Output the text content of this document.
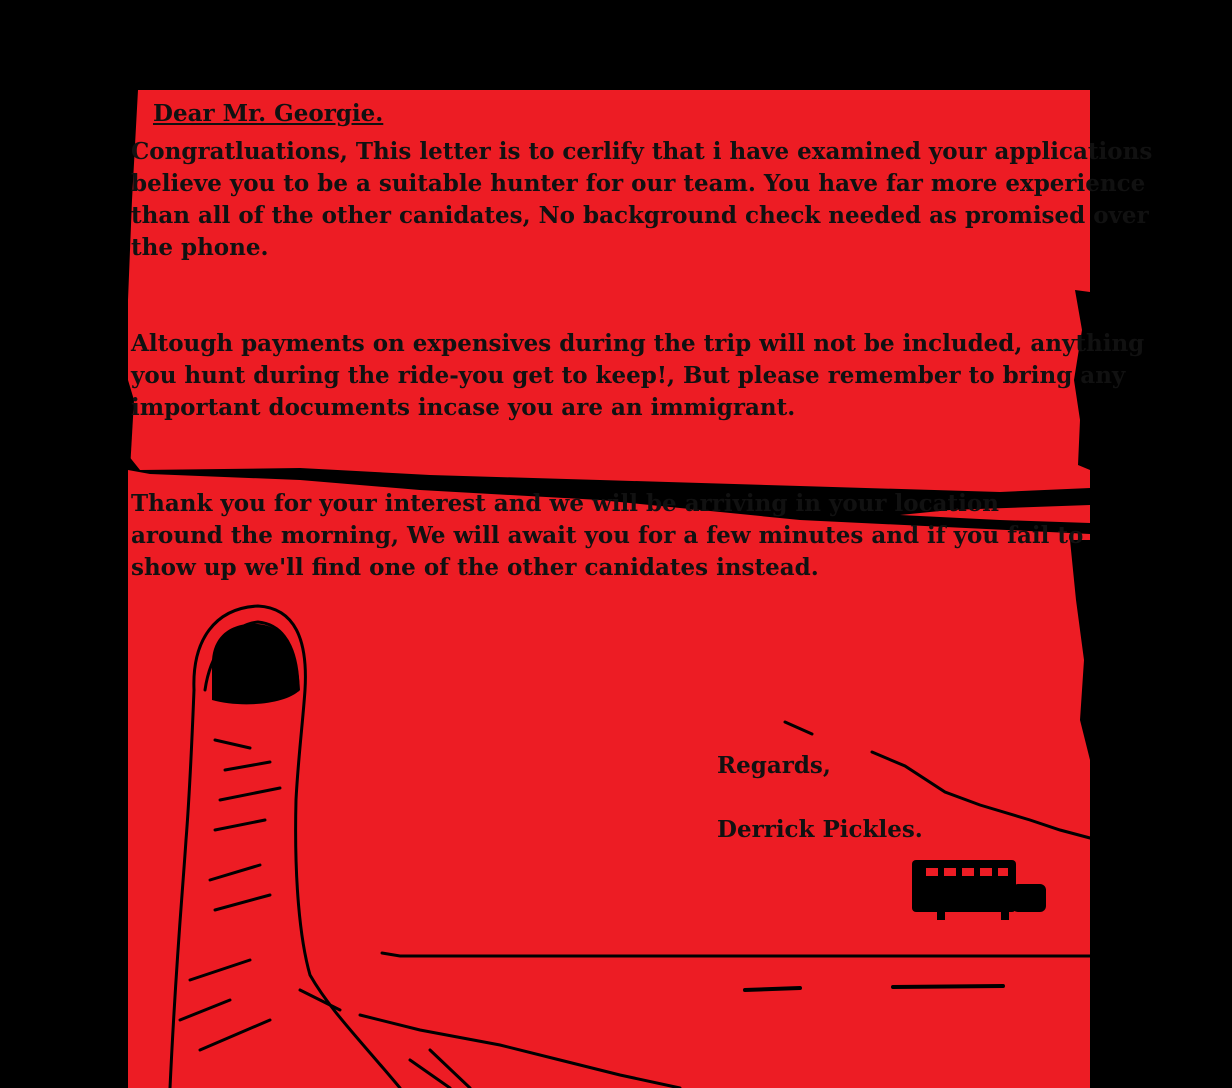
Dear Mr. Georgie.

Congratluations, This letter is to cerlify that i have examined your applications
believe you to be a suitable hunter for our team. You have far more experience
than all of the other canidates, No background check needed as promised over
the phone.

Altough payments on expensives during the trip will not be included, anything
you hunt during the ride-you get to keep!, But please remember to bring any
important documents incase you are an immigrant.

Thank you for your interest and we will be arriving in your location
around the morning, We will await you for a few minutes and if you fail to
show up we'll find one of the other canidates instead.

Regards,

Derrick Pickles.
